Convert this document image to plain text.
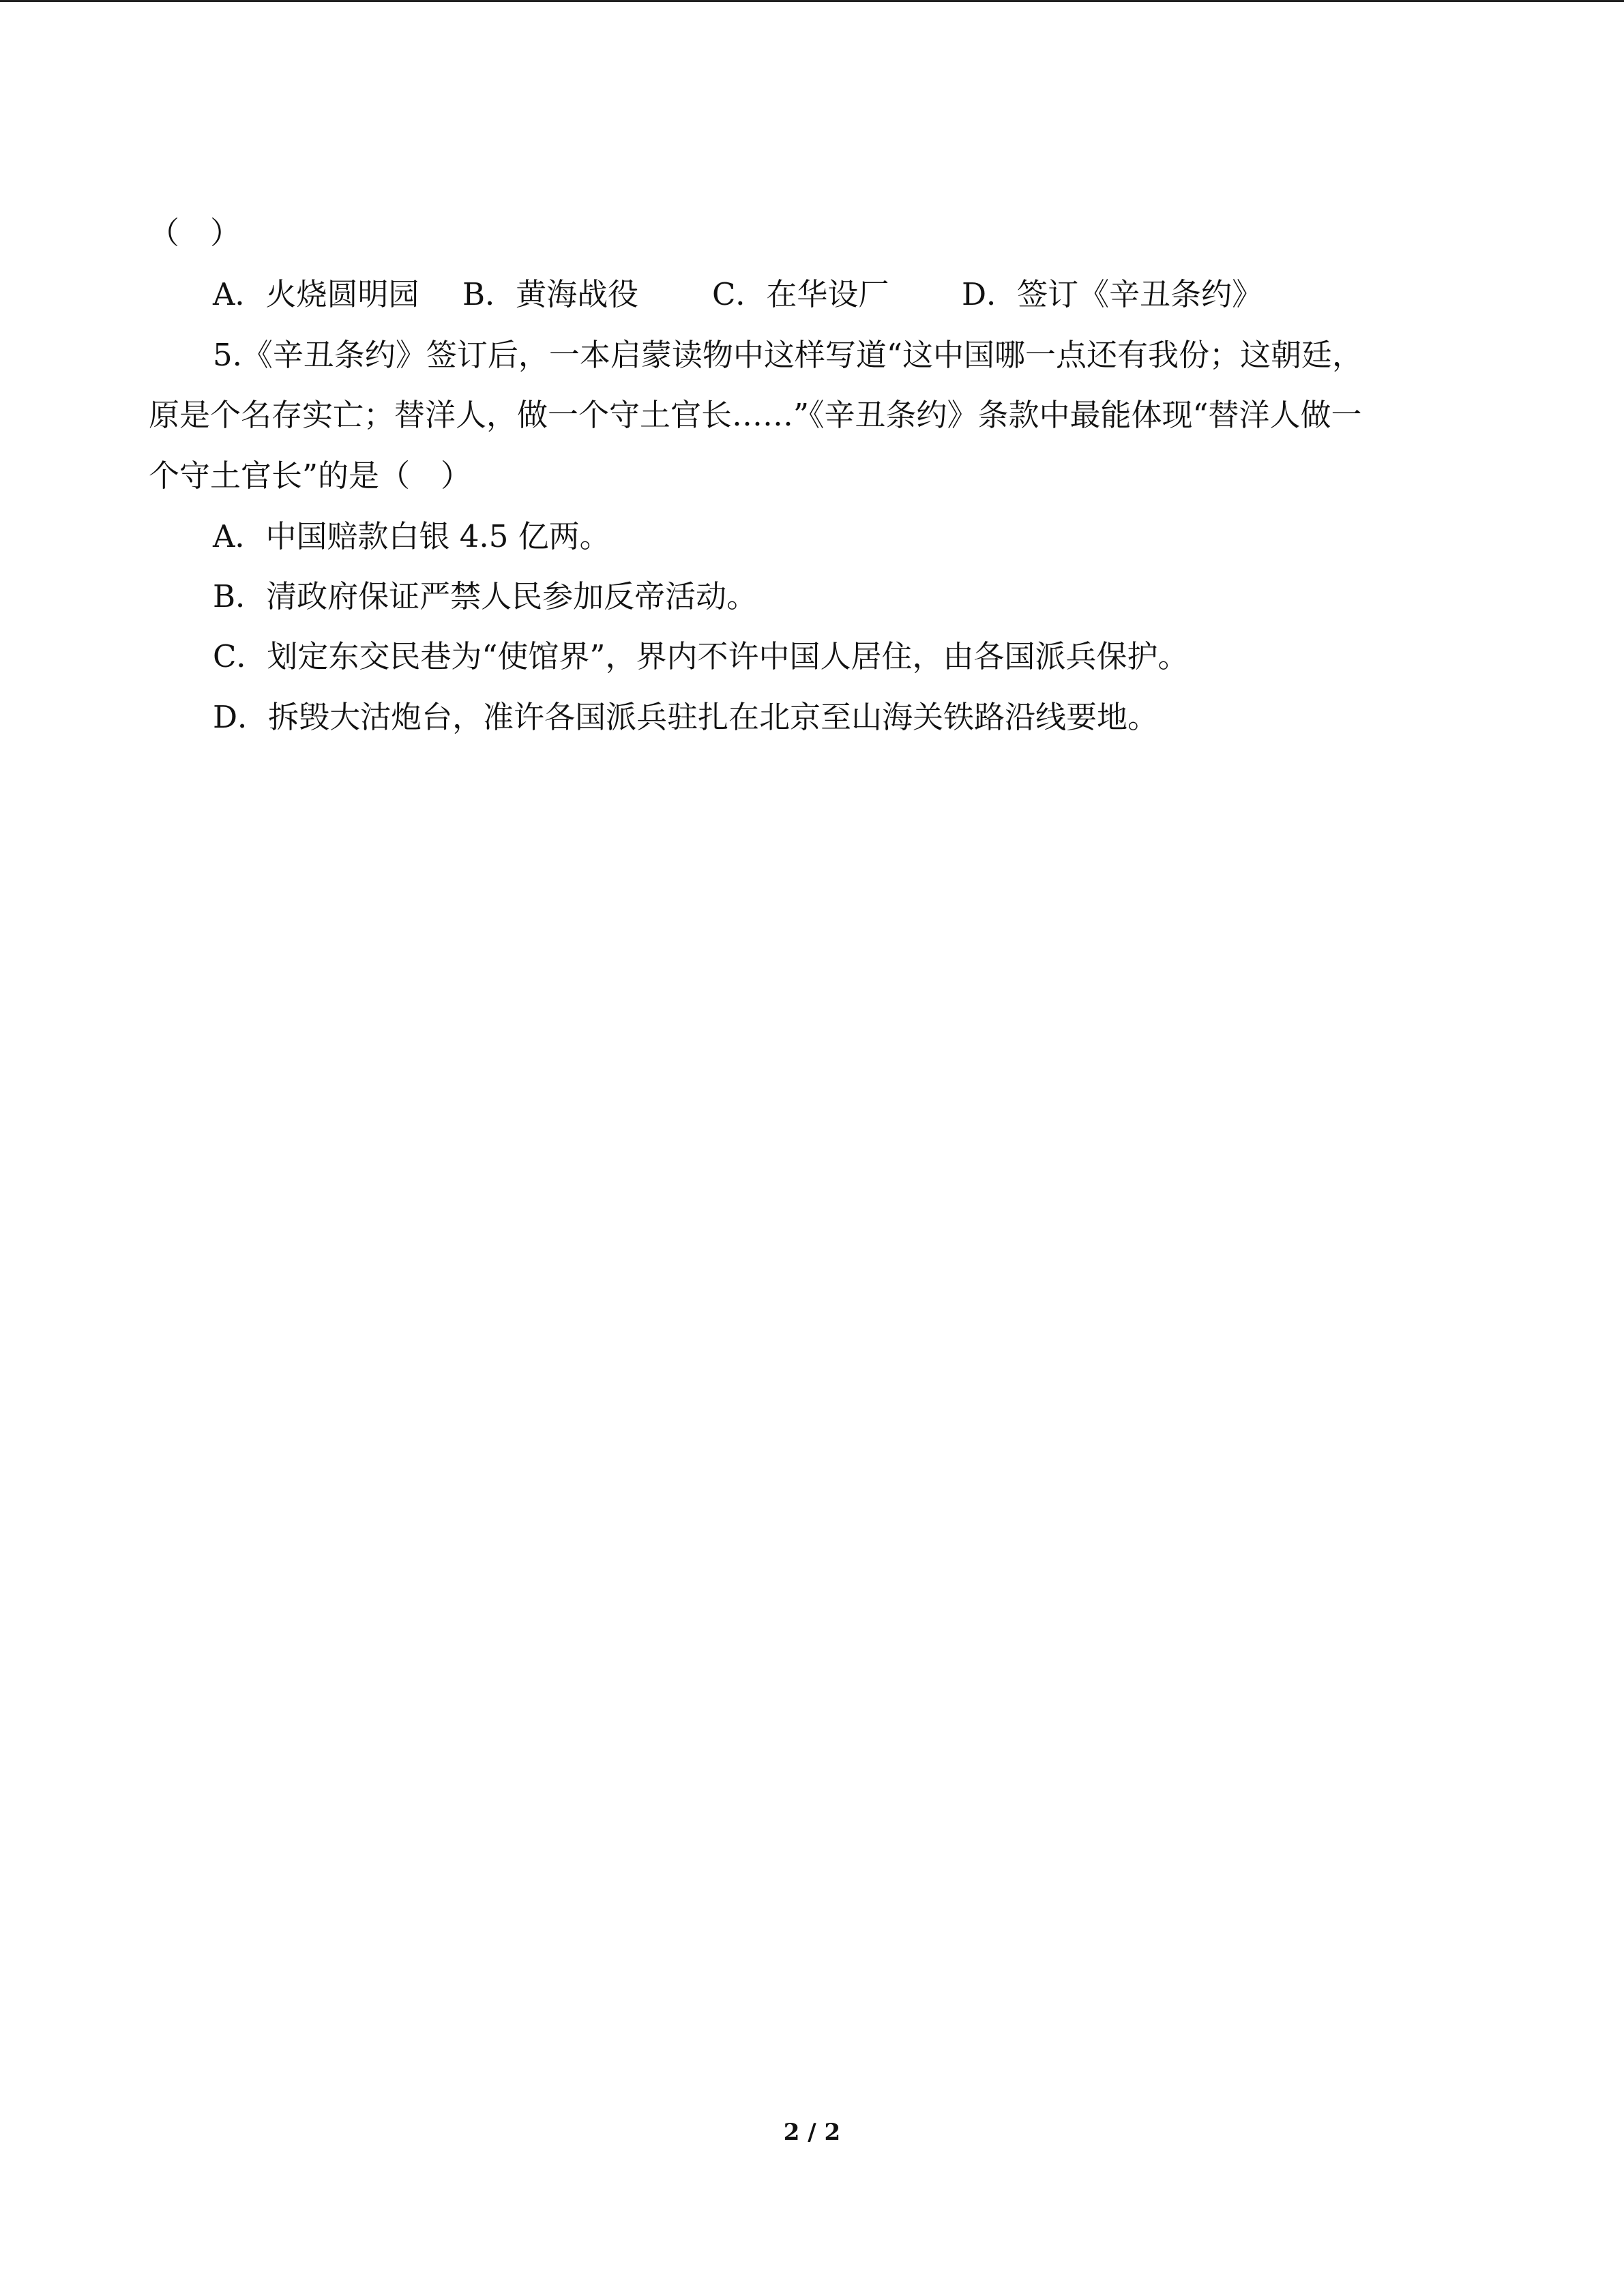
（　）
A．火烧圆明园 B．黄海战役 C．在华设厂 D．签订《辛丑条约》
5.《辛丑条约》签订后，一本启蒙读物中这样写道“这中国哪一点还有我份；这朝廷，
原是个名存实亡；替洋人，做一个守土官长……”《辛丑条约》条款中最能体现“替洋人做一
个守土官长”的是（　）
A．中国赔款白银 4.5 亿两。
B．清政府保证严禁人民参加反帝活动。
C．划定东交民巷为“使馆界”，界内不许中国人居住，由各国派兵保护。
D．拆毁大沽炮台，准许各国派兵驻扎在北京至山海关铁路沿线要地。
2 / 2
